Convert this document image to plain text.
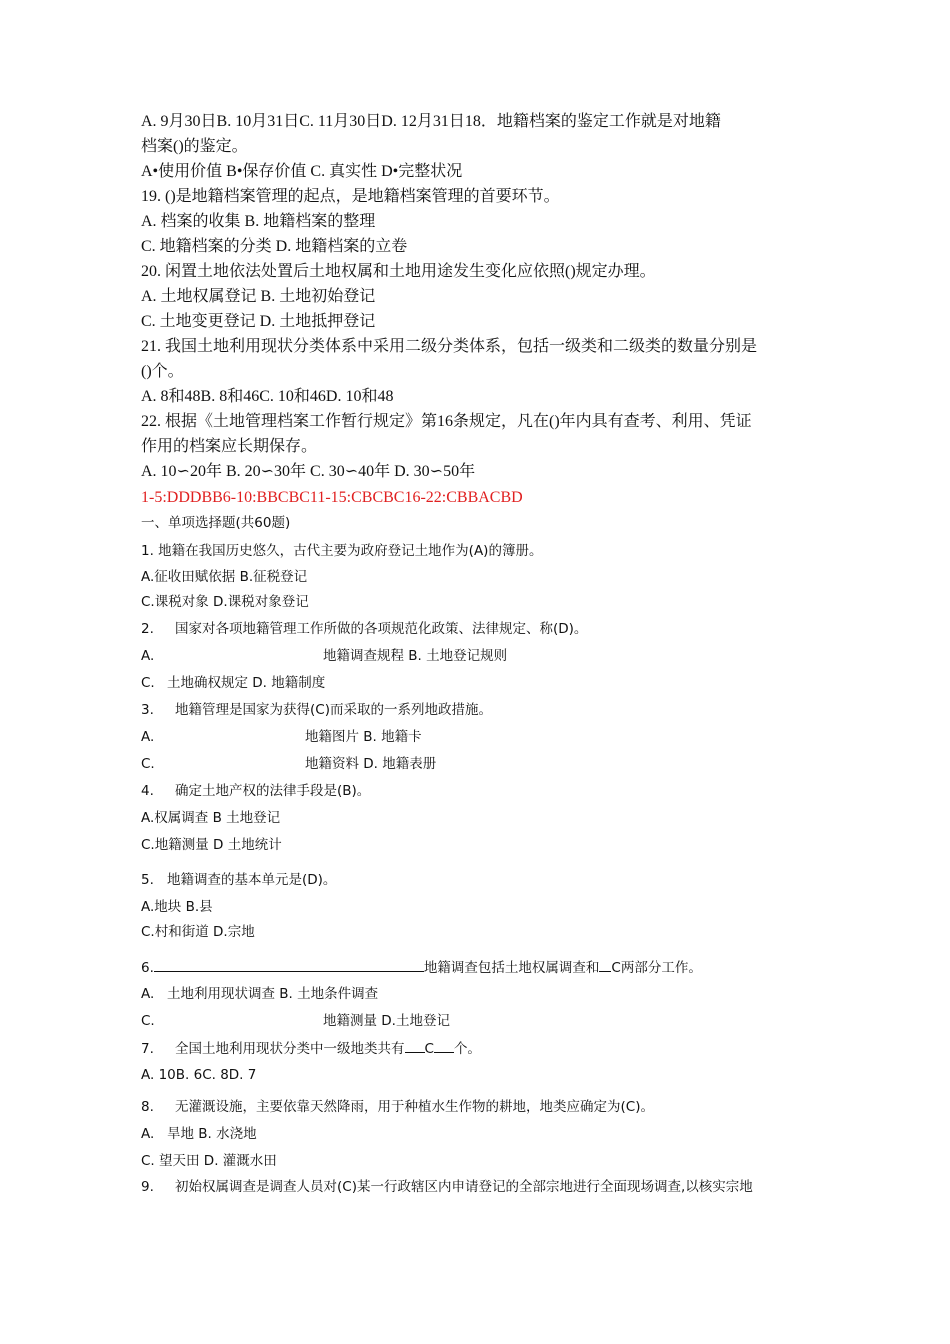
A. 9月30日B. 10月31日C. 11月30日D. 12月31日18．地籍档案的鉴定工作就是对地籍
档案()的鉴定。
A•使用价值 B•保存价值 C. 真实性 D•完整状况
19. ()是地籍档案管理的起点，是地籍档案管理的首要环节。
A. 档案的收集 B. 地籍档案的整理
C. 地籍档案的分类 D. 地籍档案的立卷
20. 闲置土地依法处置后土地权属和土地用途发生变化应依照()规定办理。
A. 土地权属登记 B. 土地初始登记
C. 土地变更登记 D. 土地抵押登记
21. 我国土地利用现状分类体系中采用二级分类体系，包括一级类和二级类的数量分别是
()个。
A. 8和48B. 8和46C. 10和46D. 10和48
22. 根据《土地管理档案工作暂行规定》第16条规定，凡在()年内具有查考、利用、凭证
作用的档案应长期保存。
A. 10∽20年 B. 20∽30年 C. 30∽40年 D. 30∽50年
1-5:DDDBB6-10:BBCBC11-15:CBCBC16-22:CBBACBD
一、单项选择题(共60题)
1. 地籍在我国历史悠久，古代主要为政府登记土地作为(A)的簿册。
A.征收田赋依据 B.征税登记
C.课税对象 D.课税对象登记
2. 国家对各项地籍管理工作所做的各项规范化政策、法律规定、称(D)。
A.	地籍调查规程 B. 土地登记规则
C. 土地确权规定 D. 地籍制度
3. 地籍管理是国家为获得(C)而采取的一系列地政措施。
A.	地籍图片 B. 地籍卡
C.	地籍资料 D. 地籍表册
4. 确定土地产权的法律手段是(B)。
A.权属调查 B 土地登记
C.地籍测量 D 土地统计
5. 地籍调查的基本单元是(D)。
A.地块 B.县
C.村和街道 D.宗地
6.	地籍调查包括土地权属调查和 C两部分工作。
A. 土地利用现状调查 B. 土地条件调查
C.	地籍测量 D.土地登记
7. 全国土地利用现状分类中一级地类共有 C 个。
A. 10B. 6C. 8D. 7
8. 无灌溉设施，主要依靠天然降雨，用于种植水生作物的耕地，地类应确定为(C)。
A. 旱地 B. 水浇地
C. 望天田 D. 灌溉水田
9. 初始权属调查是调查人员对(C)某一行政辖区内申请登记的全部宗地进行全面现场调查,以核实宗地
